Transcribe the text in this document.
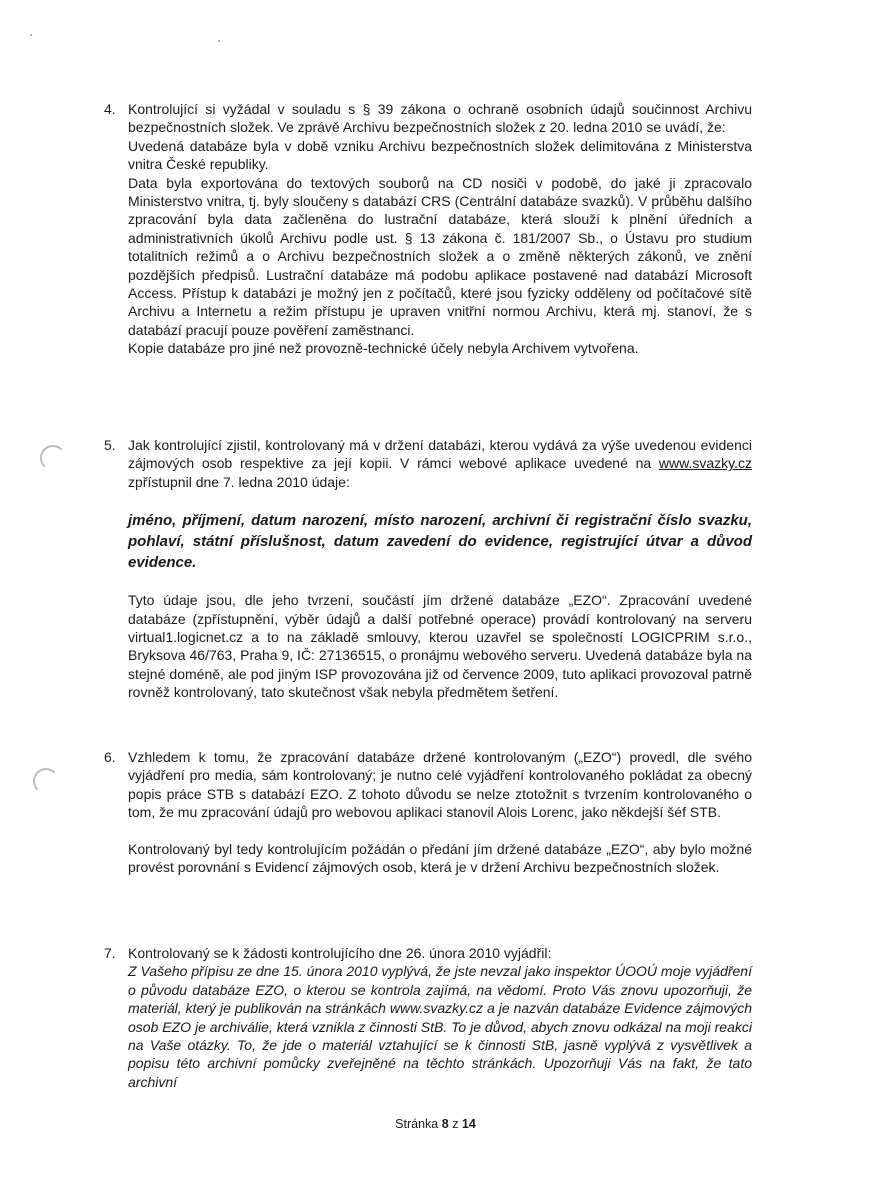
4. Kontrolující si vyžádal v souladu s § 39 zákona o ochraně osobních údajů součinnost Archivu bezpečnostních složek. Ve zprávě Archivu bezpečnostních složek z 20. ledna 2010 se uvádí, že:

Uvedená databáze byla v době vzniku Archivu bezpečnostních složek delimitována z Ministerstva vnitra České republiky.

Data byla exportována do textových souborů na CD nosiči v podobě, do jaké ji zpracovalo Ministerstvo vnitra, tj. byly sloučeny s databází CRS (Centrální databáze svazků). V průběhu dalšího zpracování byla data začleněna do lustrační databáze, která slouží k plnění úředních a administrativních úkolů Archivu podle ust. § 13 zákona č. 181/2007 Sb., o Ústavu pro studium totalitních režimů a o Archivu bezpečnostních složek a o změně některých zákonů, ve znění pozdějších předpisů. Lustrační databáze má podobu aplikace postavené nad databází Microsoft Access. Přístup k databázi je možný jen z počítačů, které jsou fyzicky odděleny od počítačové sítě Archivu a Internetu a režim přístupu je upraven vnitřní normou Archivu, která mj. stanoví, že s databází pracují pouze pověření zaměstnanci.

Kopie databáze pro jiné než provozně-technické účely nebyla Archivem vytvořena.

5. Jak kontrolující zjistil, kontrolovaný má v držení databázi, kterou vydává za výše uvedenou evidenci zájmových osob respektive za její kopii. V rámci webové aplikace uvedené na www.svazky.cz zpřístupnil dne 7. ledna 2010 údaje:

jméno, příjmení, datum narození, místo narození, archivní či registrační číslo svazku, pohlaví, státní příslušnost, datum zavedení do evidence, registrující útvar a důvod evidence.

Tyto údaje jsou, dle jeho tvrzení, součástí jím držené databáze „EZO“. Zpracování uvedené databáze (zpřístupnění, výběr údajů a další potřebné operace) provádí kontrolovaný na serveru virtual1.logicnet.cz a to na základě smlouvy, kterou uzavřel se společností LOGICPRIM s.r.o., Bryksova 46/763, Praha 9, IČ: 27136515, o pronájmu webového serveru. Uvedená databáze byla na stejné doméně, ale pod jiným ISP provozována již od července 2009, tuto aplikaci provozoval patrně rovněž kontrolovaný, tato skutečnost však nebyla předmětem šetření.

6. Vzhledem k tomu, že zpracování databáze držené kontrolovaným („EZO“) provedl, dle svého vyjádření pro media, sám kontrolovaný; je nutno celé vyjádření kontrolovaného pokládat za obecný popis práce STB s databází EZO. Z tohoto důvodu se nelze ztotožnit s tvrzením kontrolovaného o tom, že mu zpracování údajů pro webovou aplikaci stanovil Alois Lorenc, jako někdejší šéf STB.

Kontrolovaný byl tedy kontrolujícím požádán o předání jím držené databáze „EZO“, aby bylo možné provést porovnání s Evidencí zájmových osob, která je v držení Archivu bezpečnostních složek.

7. Kontrolovaný se k žádosti kontrolujícího dne 26. února 2010 vyjádřil:

Z Vašeho přípisu ze dne 15. února 2010 vyplývá, že jste nevzal jako inspektor ÚOOÚ moje vyjádření o původu databáze EZO, o kterou se kontrola zajímá, na vědomí. Proto Vás znovu upozorňuji, že materiál, který je publikován na stránkách www.svazky.cz a je nazván databáze Evidence zájmových osob EZO je archiválie, která vznikla z činnosti StB. To je důvod, abych znovu odkázal na moji reakci na Vaše otázky. To, že jde o materiál vztahující se k činnosti StB, jasně vyplývá z vysvětlivek a popisu této archivní pomůcky zveřejněné na těchto stránkách. Upozorňuji Vás na fakt, že tato archivní

Stránka 8 z 14
